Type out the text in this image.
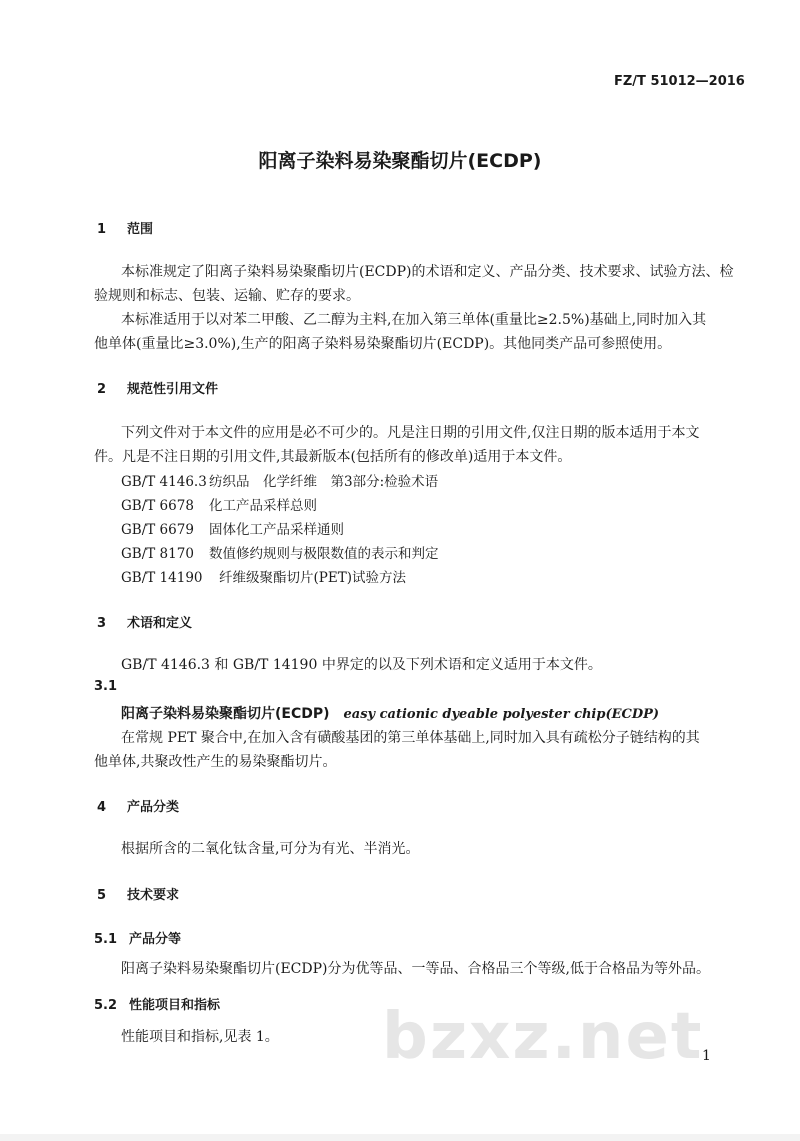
FZ/T 51012—2016
阳离子染料易染聚酯切片(ECDP)
1 范围
本标准规定了阳离子染料易染聚酯切片(ECDP)的术语和定义、产品分类、技术要求、试验方法、检
验规则和标志、包装、运输、贮存的要求。
本标准适用于以对苯二甲酸、乙二醇为主料,在加入第三单体(重量比≥2.5%)基础上,同时加入其
他单体(重量比≥3.0%),生产的阳离子染料易染聚酯切片(ECDP)。其他同类产品可参照使用。
2 规范性引用文件
下列文件对于本文件的应用是必不可少的。凡是注日期的引用文件,仅注日期的版本适用于本文
件。凡是不注日期的引用文件,其最新版本(包括所有的修改单)适用于本文件。
GB/T 4146.3 纺织品　化学纤维　第3部分:检验术语
GB/T 6678 化工产品采样总则
GB/T 6679 固体化工产品采样通则
GB/T 8170 数值修约规则与极限数值的表示和判定
GB/T 14190 纤维级聚酯切片(PET)试验方法
3 术语和定义
GB/T 4146.3 和 GB/T 14190 中界定的以及下列术语和定义适用于本文件。
3.1
阳离子染料易染聚酯切片(ECDP) easy cationic dyeable polyester chip(ECDP)
在常规 PET 聚合中,在加入含有磺酸基团的第三单体基础上,同时加入具有疏松分子链结构的其
他单体,共聚改性产生的易染聚酯切片。
4 产品分类
根据所含的二氧化钛含量,可分为有光、半消光。
5 技术要求
5.1 产品分等
阳离子染料易染聚酯切片(ECDP)分为优等品、一等品、合格品三个等级,低于合格品为等外品。
5.2 性能项目和指标	bzxz.net
性能项目和指标,见表 1。
1
